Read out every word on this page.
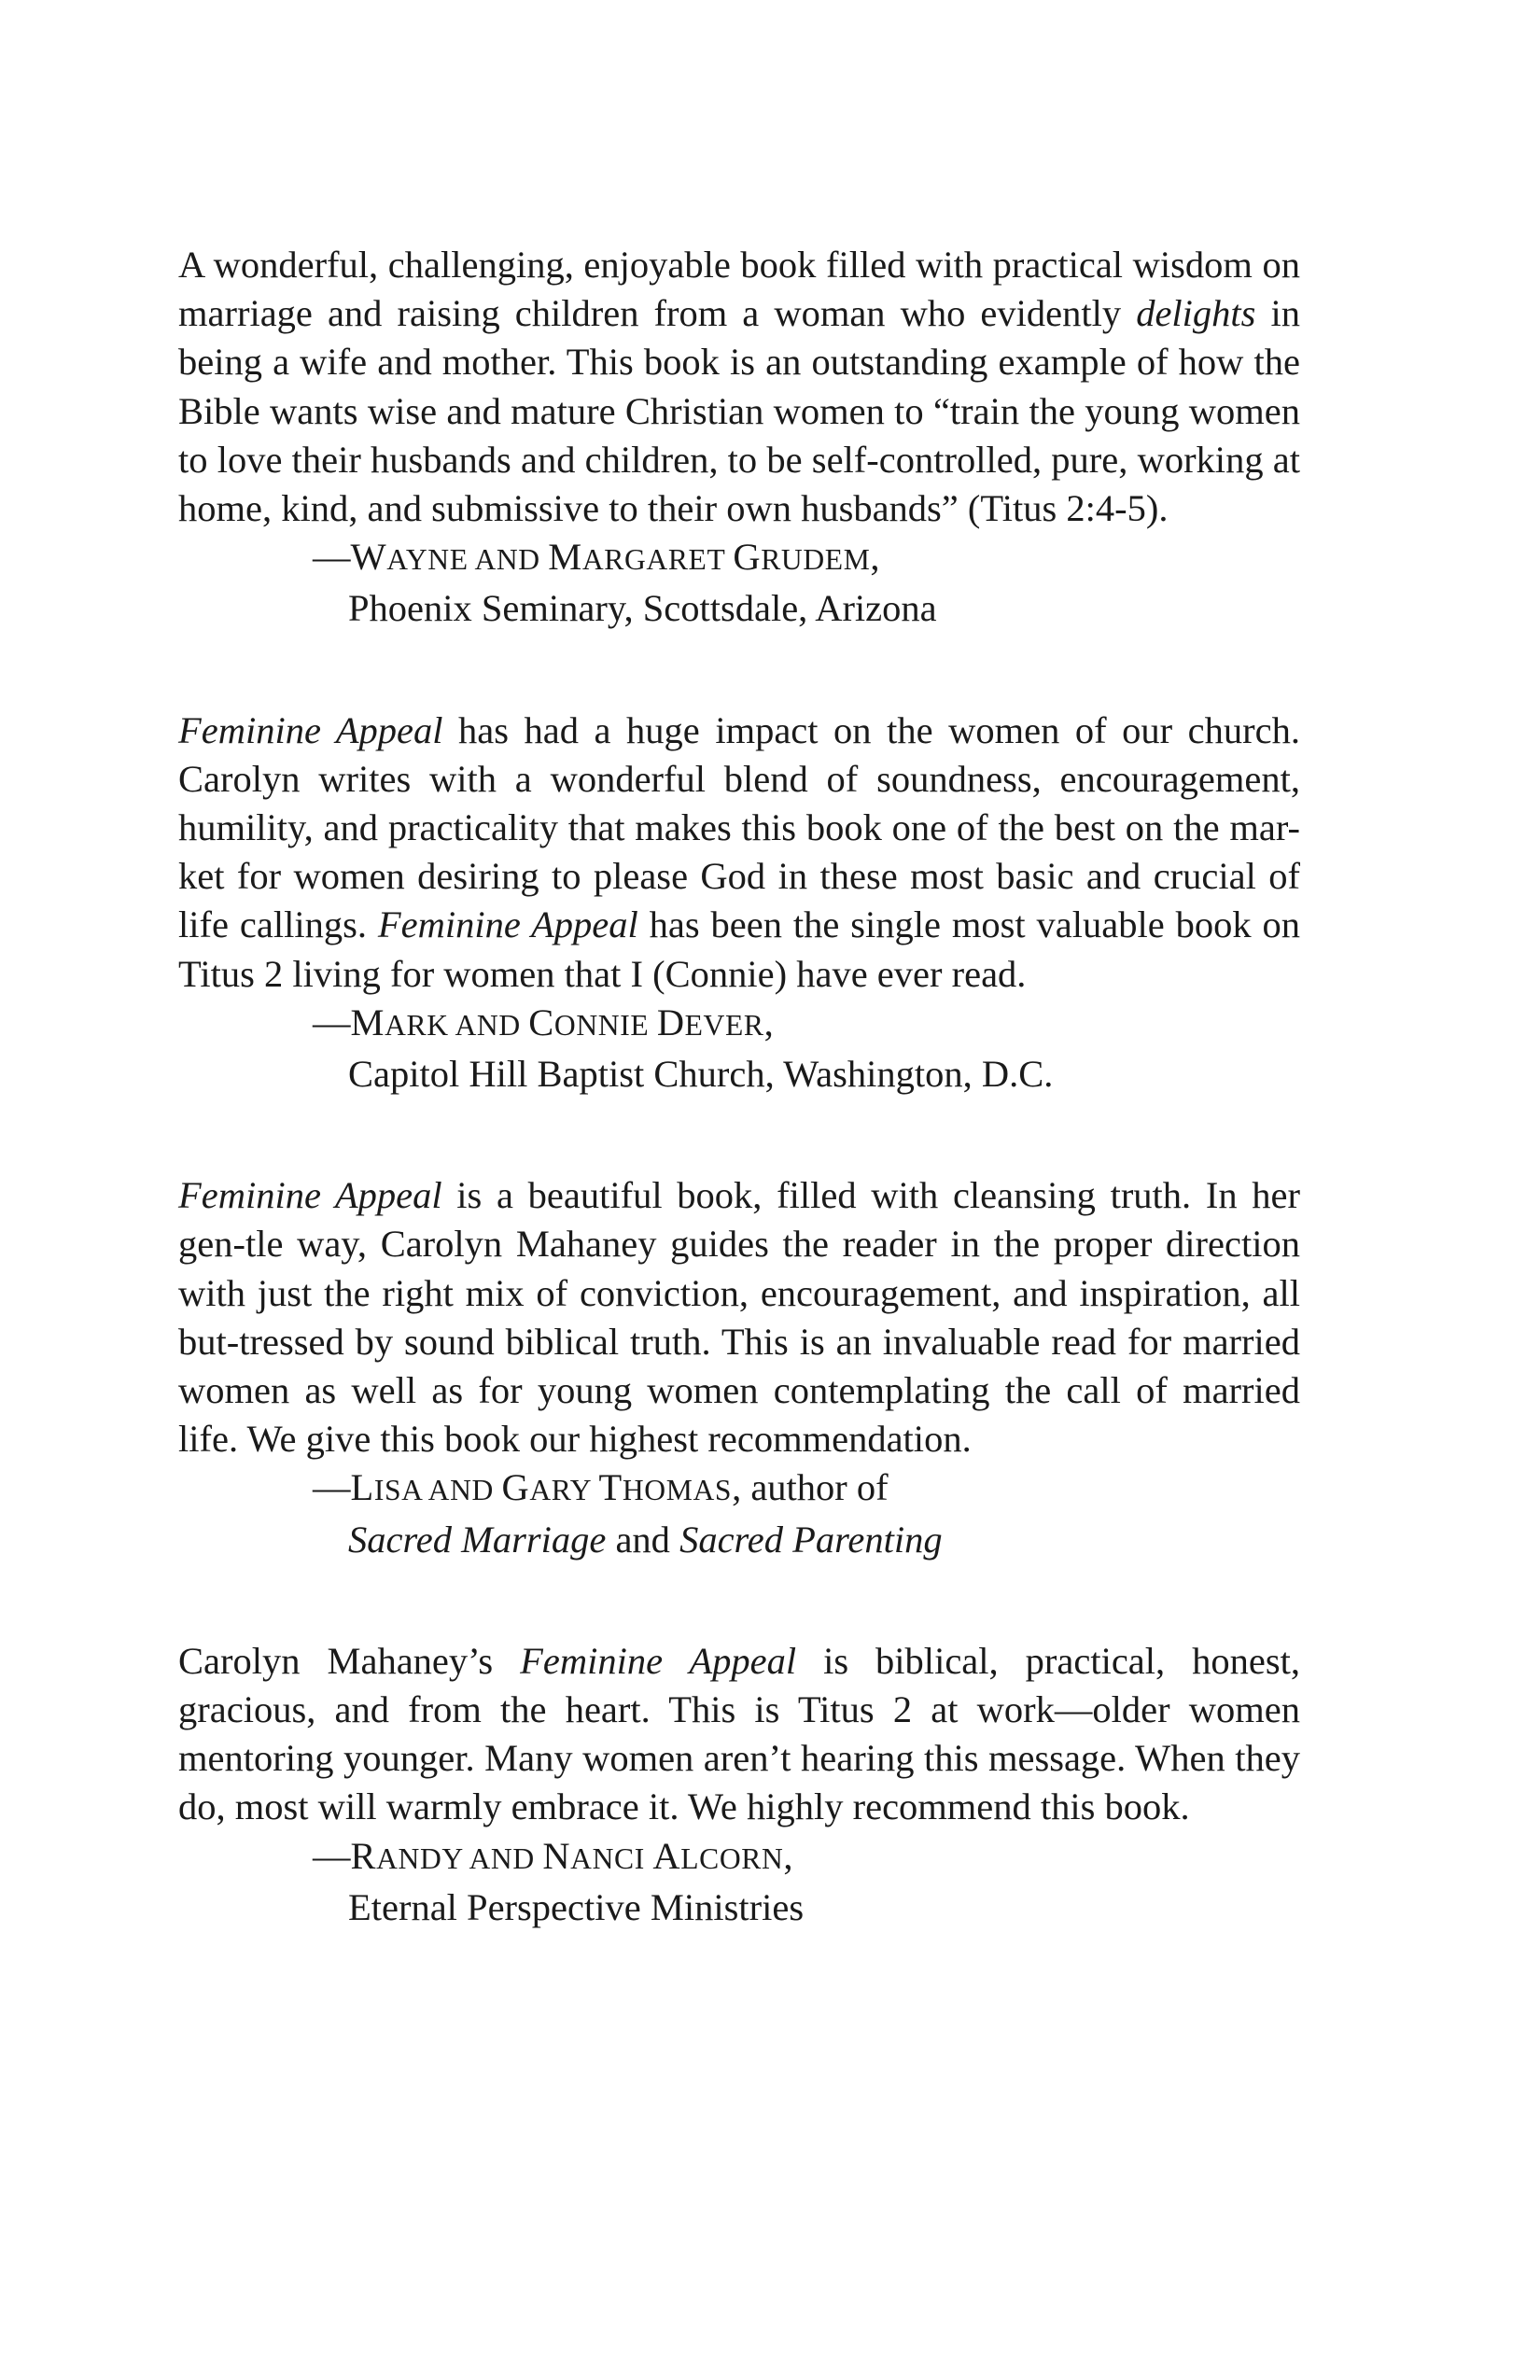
A wonderful, challenging, enjoyable book filled with practical wisdom on marriage and raising children from a woman who evidently delights in being a wife and mother. This book is an outstanding example of how the Bible wants wise and mature Christian women to “train the young women to love their husbands and children, to be self-controlled, pure, working at home, kind, and submissive to their own husbands” (Titus 2:4-5).

—WAYNE AND MARGARET GRUDEM,
Phoenix Seminary, Scottsdale, Arizona

Feminine Appeal has had a huge impact on the women of our church. Carolyn writes with a wonderful blend of soundness, encouragement, humility, and practicality that makes this book one of the best on the mar-ket for women desiring to please God in these most basic and crucial of life callings. Feminine Appeal has been the single most valuable book on Titus 2 living for women that I (Connie) have ever read.

—MARK AND CONNIE DEVER,
Capitol Hill Baptist Church, Washington, D.C.

Feminine Appeal is a beautiful book, filled with cleansing truth. In her gen-tle way, Carolyn Mahaney guides the reader in the proper direction with just the right mix of conviction, encouragement, and inspiration, all but-tressed by sound biblical truth. This is an invaluable read for married women as well as for young women contemplating the call of married life. We give this book our highest recommendation.

—LISA AND GARY THOMAS, author of
Sacred Marriage and Sacred Parenting

Carolyn Mahaney’s Feminine Appeal is biblical, practical, honest, gracious, and from the heart. This is Titus 2 at work—older women mentoring younger. Many women aren’t hearing this message. When they do, most will warmly embrace it. We highly recommend this book.

—RANDY AND NANCI ALCORN,
Eternal Perspective Ministries
